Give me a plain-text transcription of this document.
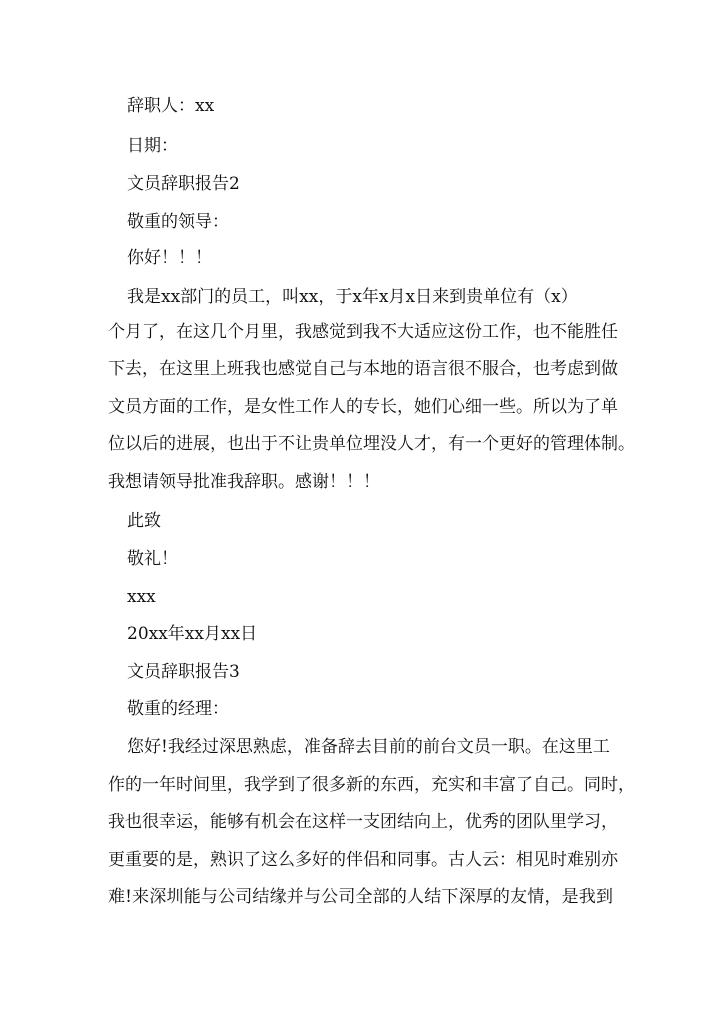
辞职人：xx
日期：
文员辞职报告2
敬重的领导：
你好！！！
我是xx部门的员工，叫xx，于x年x月x日来到贵单位有（x）
个月了，在这几个月里，我感觉到我不大适应这份工作，也不能胜任
下去，在这里上班我也感觉自己与本地的语言很不服合，也考虑到做
文员方面的工作，是女性工作人的专长，她们心细一些。所以为了单
位以后的进展，也出于不让贵单位埋没人才，有一个更好的管理体制。
我想请领导批准我辞职。感谢！！！
此致
敬礼！
xxx
20xx年xx月xx日
文员辞职报告3
敬重的经理：
您好!我经过深思熟虑，准备辞去目前的前台文员一职。在这里工
作的一年时间里，我学到了很多新的东西，充实和丰富了自己。同时，
我也很幸运，能够有机会在这样一支团结向上，优秀的团队里学习，
更重要的是，熟识了这么多好的伴侣和同事。古人云：相见时难别亦
难!来深圳能与公司结缘并与公司全部的人结下深厚的友情，是我到
